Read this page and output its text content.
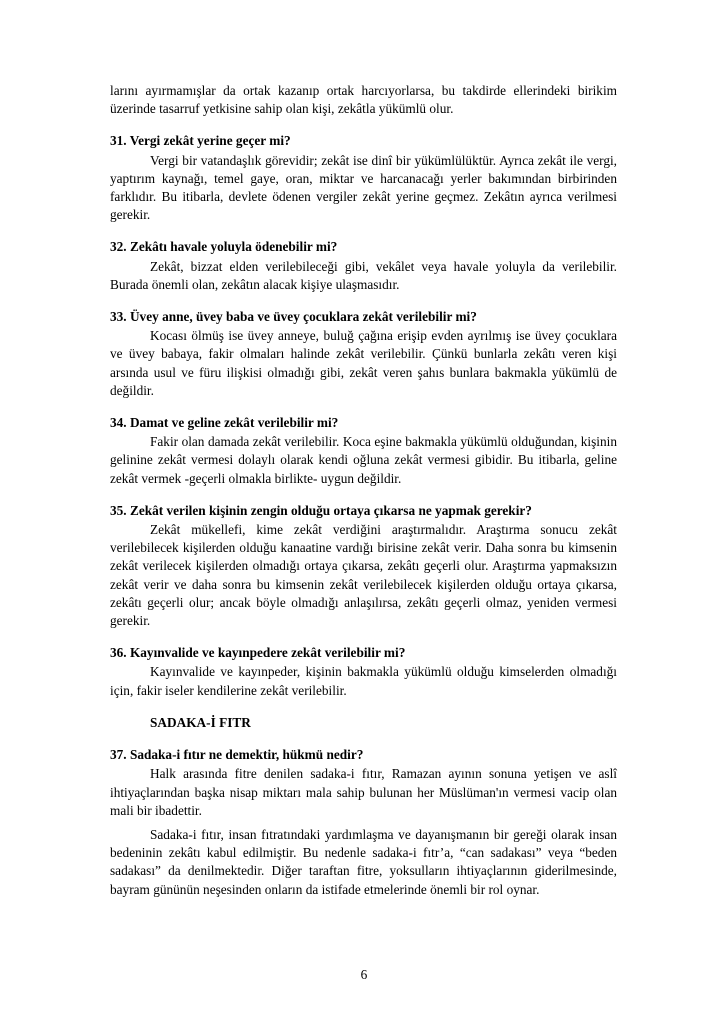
larını ayırmamışlar da ortak kazanıp ortak harcıyorlarsa, bu takdirde ellerindeki birikim üzerinde tasarruf yetkisine sahip olan kişi, zekâtla yükümlü olur.

31. Vergi zekât yerine geçer mi?

Vergi bir vatandaşlık görevidir; zekât ise dinî bir yükümlülüktür. Ayrıca zekât ile vergi, yaptırım kaynağı, temel gaye, oran, miktar ve harcanacağı yerler bakımından birbirinden farklıdır. Bu itibarla, devlete ödenen vergiler zekât yerine geçmez. Zekâtın ayrıca verilmesi gerekir.

32. Zekâtı havale yoluyla ödenebilir mi?

Zekât, bizzat elden verilebileceği gibi, vekâlet veya havale yoluyla da verilebilir. Burada önemli olan, zekâtın alacak kişiye ulaşmasıdır.

33. Üvey anne, üvey baba ve üvey çocuklara zekât verilebilir mi?

Kocası ölmüş ise üvey anneye, buluğ çağına erişip evden ayrılmış ise üvey çocuklara ve üvey babaya, fakir olmaları halinde zekât verilebilir. Çünkü bunlarla zekâtı veren kişi arsında usul ve füru ilişkisi olmadığı gibi, zekât veren şahıs bunlara bakmakla yükümlü de değildir.

34. Damat ve geline zekât verilebilir mi?

Fakir olan damada zekât verilebilir. Koca eşine bakmakla yükümlü olduğundan, kişinin gelinine zekât vermesi dolaylı olarak kendi oğluna zekât vermesi gibidir. Bu itibarla, geline zekât vermek -geçerli olmakla birlikte- uygun değildir.

35. Zekât verilen kişinin zengin olduğu ortaya çıkarsa ne yapmak gerekir?

Zekât mükellefi, kime zekât verdiğini araştırmalıdır. Araştırma sonucu zekât verilebilecek kişilerden olduğu kanaatine vardığı birisine zekât verir. Daha sonra bu kimsenin zekât verilecek kişilerden olmadığı ortaya çıkarsa, zekâtı geçerli olur. Araştırma yapmaksızın zekât verir ve daha sonra bu kimsenin zekât verilebilecek kişilerden olduğu ortaya çıkarsa, zekâtı geçerli olur; ancak böyle olmadığı anlaşılırsa, zekâtı geçerli olmaz, yeniden vermesi gerekir.

36. Kayınvalide ve kayınpedere zekât verilebilir mi?

Kayınvalide ve kayınpeder, kişinin bakmakla yükümlü olduğu kimselerden olmadığı için, fakir iseler kendilerine zekât verilebilir.

SADAKA-İ FITR
37. Sadaka-i fıtır ne demektir, hükmü nedir?

Halk arasında fitre denilen sadaka-i fıtır, Ramazan ayının sonuna yetişen ve aslî ihtiyaçlarından başka nisap miktarı mala sahip bulunan her Müslüman'ın vermesi vacip olan mali bir ibadettir.

Sadaka-i fıtır, insan fıtratındaki yardımlaşma ve dayanışmanın bir gereği olarak insan bedeninin zekâtı kabul edilmiştir. Bu nedenle sadaka-i fıtr’a, “can sadakası” veya “beden sadakası” da denilmektedir. Diğer taraftan fitre, yoksulların ihtiyaçlarının giderilmesinde, bayram gününün neşesinden onların da istifade etmelerinde önemli bir rol oynar.

6
